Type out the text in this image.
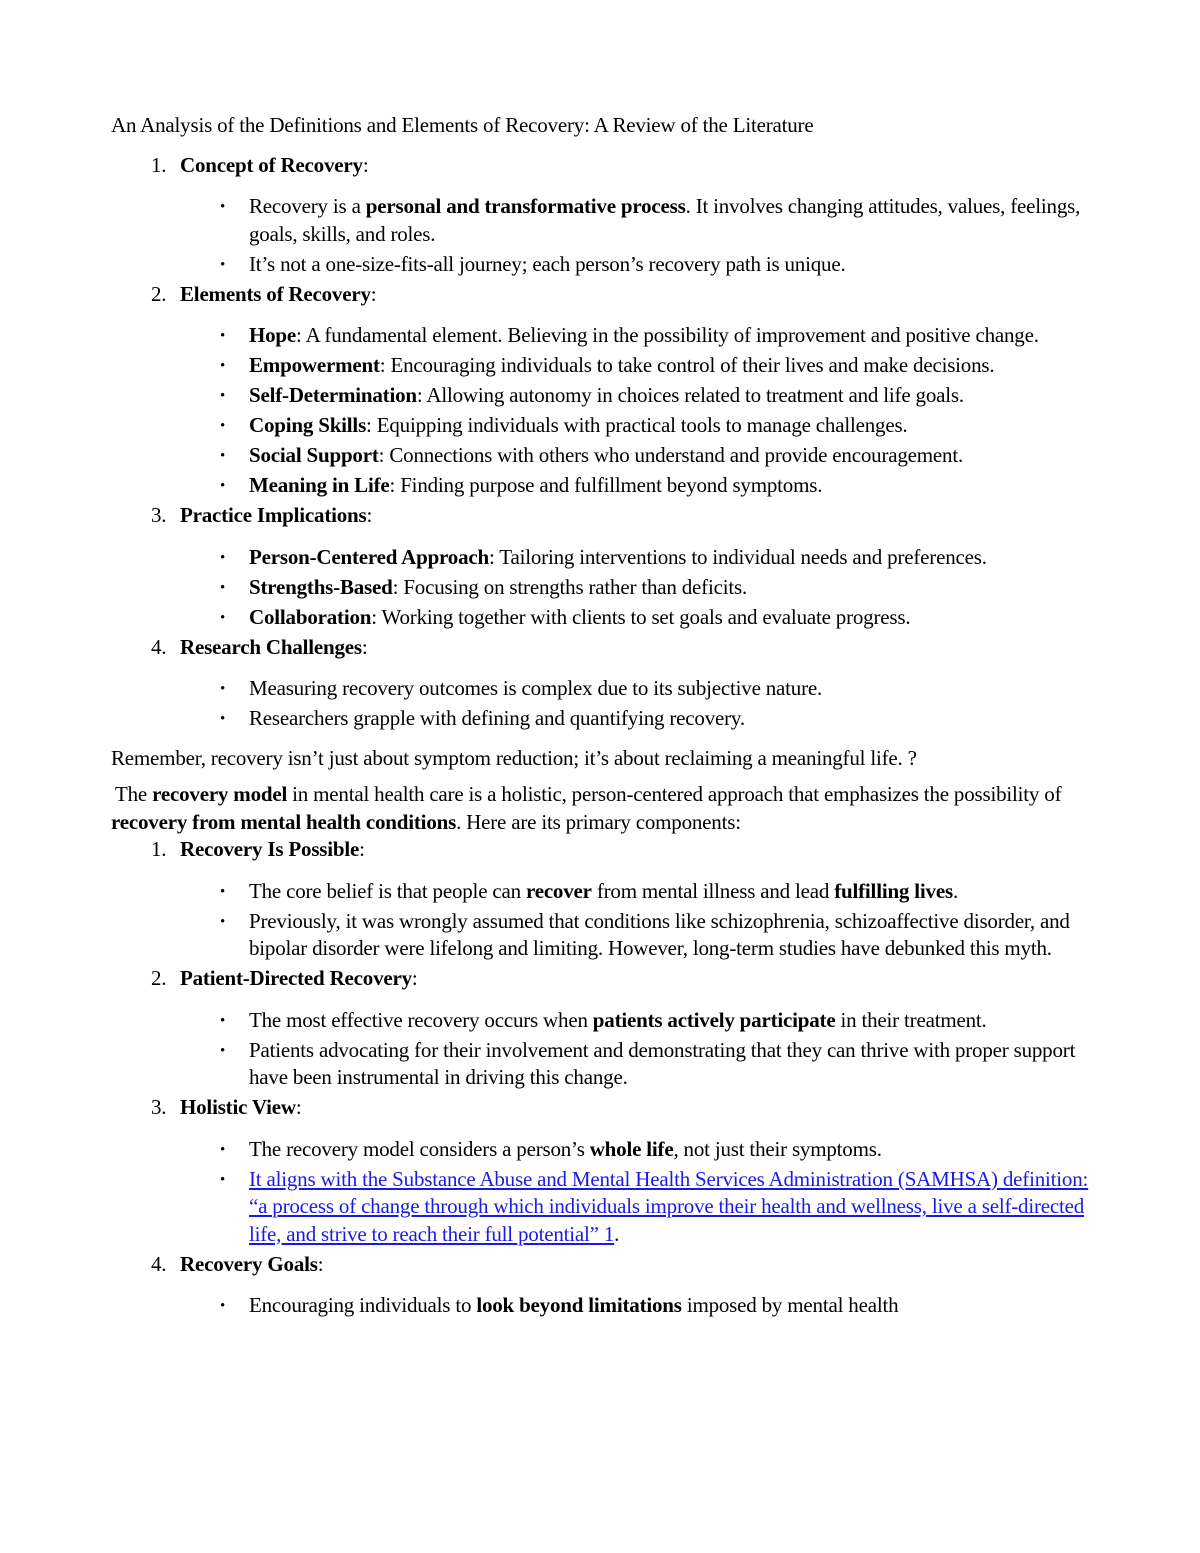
An Analysis of the Definitions and Elements of Recovery: A Review of the Literature

1. Concept of Recovery:
• Recovery is a personal and transformative process. It involves changing attitudes, values, feelings, goals, skills, and roles.
• It’s not a one-size-fits-all journey; each person’s recovery path is unique.
2. Elements of Recovery:
• Hope: A fundamental element. Believing in the possibility of improvement and positive change.
• Empowerment: Encouraging individuals to take control of their lives and make decisions.
• Self-Determination: Allowing autonomy in choices related to treatment and life goals.
• Coping Skills: Equipping individuals with practical tools to manage challenges.
• Social Support: Connections with others who understand and provide encouragement.
• Meaning in Life: Finding purpose and fulfillment beyond symptoms.
3. Practice Implications:
• Person-Centered Approach: Tailoring interventions to individual needs and preferences.
• Strengths-Based: Focusing on strengths rather than deficits.
• Collaboration: Working together with clients to set goals and evaluate progress.
4. Research Challenges:
• Measuring recovery outcomes is complex due to its subjective nature.
• Researchers grapple with defining and quantifying recovery.

Remember, recovery isn’t just about symptom reduction; it’s about reclaiming a meaningful life. ?

The recovery model in mental health care is a holistic, person-centered approach that emphasizes the possibility of recovery from mental health conditions. Here are its primary components:

1. Recovery Is Possible:
• The core belief is that people can recover from mental illness and lead fulfilling lives.
• Previously, it was wrongly assumed that conditions like schizophrenia, schizoaffective disorder, and bipolar disorder were lifelong and limiting. However, long-term studies have debunked this myth.
2. Patient-Directed Recovery:
• The most effective recovery occurs when patients actively participate in their treatment.
• Patients advocating for their involvement and demonstrating that they can thrive with proper support have been instrumental in driving this change.
3. Holistic View:
• The recovery model considers a person’s whole life, not just their symptoms.
• It aligns with the Substance Abuse and Mental Health Services Administration (SAMHSA) definition: “a process of change through which individuals improve their health and wellness, live a self-directed life, and strive to reach their full potential” 1.
4. Recovery Goals:
• Encouraging individuals to look beyond limitations imposed by mental health
